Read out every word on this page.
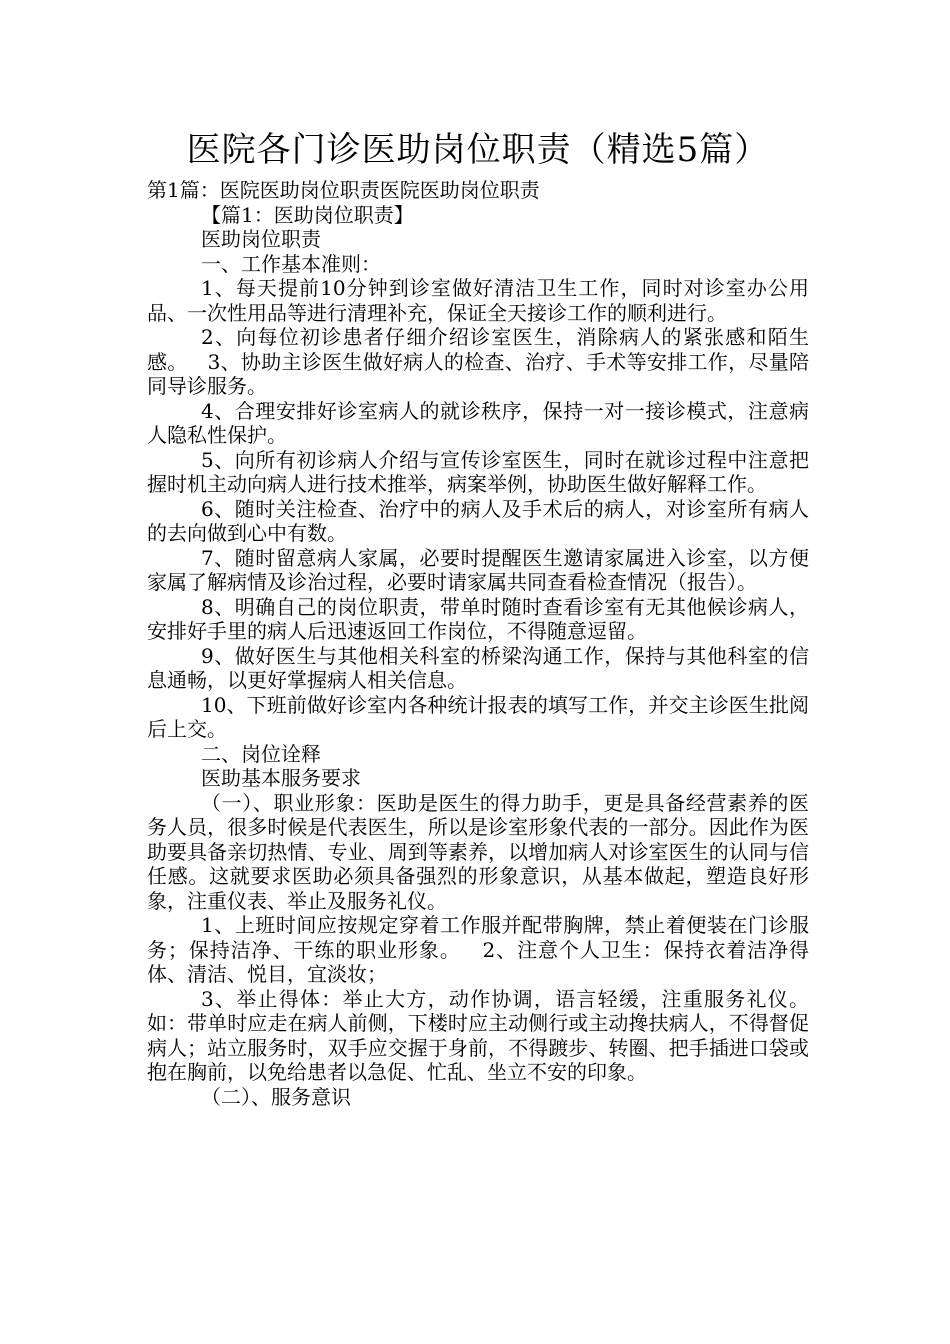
医院各门诊医助岗位职责（精选5篇）

第1篇：医院医助岗位职责医院医助岗位职责

【篇1：医助岗位职责】

医助岗位职责

一、工作基本准则：

1、每天提前10分钟到诊室做好清洁卫生工作，同时对诊室办公用品、一次性用品等进行清理补充，保证全天接诊工作的顺利进行。

2、向每位初诊患者仔细介绍诊室医生，消除病人的紧张感和陌生感。   3、协助主诊医生做好病人的检查、治疗、手术等安排工作，尽量陪同导诊服务。

4、合理安排好诊室病人的就诊秩序，保持一对一接诊模式，注意病人隐私性保护。

5、向所有初诊病人介绍与宣传诊室医生，同时在就诊过程中注意把握时机主动向病人进行技术推举，病案举例，协助医生做好解释工作。

6、随时关注检查、治疗中的病人及手术后的病人，对诊室所有病人的去向做到心中有数。

7、随时留意病人家属，必要时提醒医生邀请家属进入诊室，以方便家属了解病情及诊治过程，必要时请家属共同查看检查情况（报告）。

8、明确自己的岗位职责，带单时随时查看诊室有无其他候诊病人，安排好手里的病人后迅速返回工作岗位，不得随意逗留。

9、做好医生与其他相关科室的桥梁沟通工作，保持与其他科室的信息通畅，以更好掌握病人相关信息。

10、下班前做好诊室内各种统计报表的填写工作，并交主诊医生批阅后上交。

二、岗位诠释

医助基本服务要求

（一）、职业形象：医助是医生的得力助手，更是具备经营素养的医务人员，很多时候是代表医生，所以是诊室形象代表的一部分。因此作为医助要具备亲切热情、专业、周到等素养，以增加病人对诊室医生的认同与信任感。这就要求医助必须具备强烈的形象意识，从基本做起，塑造良好形象，注重仪表、举止及服务礼仪。

1、上班时间应按规定穿着工作服并配带胸牌，禁止着便装在门诊服务；保持洁净、干练的职业形象。   2、注意个人卫生：保持衣着洁净得体、清洁、悦目，宜淡妆；

3、举止得体：举止大方，动作协调，语言轻缓，注重服务礼仪。如：带单时应走在病人前侧，下楼时应主动侧行或主动搀扶病人，不得督促病人；站立服务时，双手应交握于身前，不得踱步、转圈、把手插进口袋或抱在胸前，以免给患者以急促、忙乱、坐立不安的印象。

（二）、服务意识
